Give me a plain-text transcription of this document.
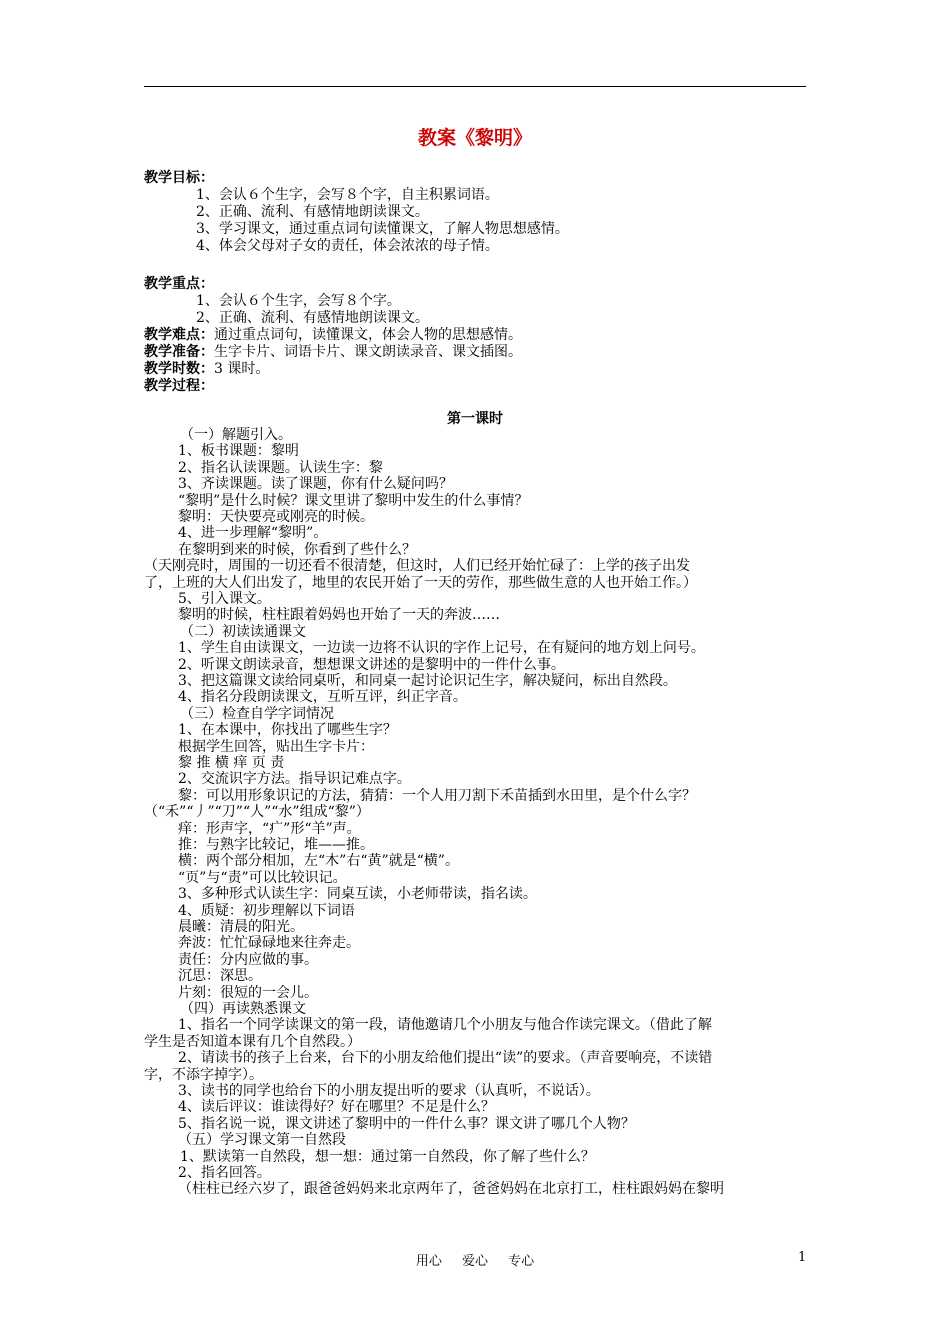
教案《黎明》
教学目标：
1、会认６个生字，会写８个字，自主积累词语。
2、正确、流利、有感情地朗读课文。
3、学习课文，通过重点词句读懂课文，了解人物思想感情。
4、体会父母对子女的责任，体会浓浓的母子情。
教学重点：
1、会认６个生字，会写８个字。
2、正确、流利、有感情地朗读课文。
教学难点：通过重点词句，读懂课文，体会人物的思想感情。
教学准备：生字卡片、词语卡片、课文朗读录音、课文插图。
教学时数：3 课时。
教学过程：
第一课时
（一）解题引入。
1、板书课题：黎明
2、指名认读课题。认读生字：黎
3、齐读课题。读了课题，你有什么疑问吗？
“黎明”是什么时候？课文里讲了黎明中发生的什么事情？
黎明：天快要亮或刚亮的时候。
4、进一步理解“黎明”。
在黎明到来的时候，你看到了些什么？
（天刚亮时，周围的一切还看不很清楚，但这时，人们已经开始忙碌了：上学的孩子出发
了，上班的大人们出发了，地里的农民开始了一天的劳作，那些做生意的人也开始工作。）
5、引入课文。
黎明的时候，柱柱跟着妈妈也开始了一天的奔波……
（二）初读读通课文
1、学生自由读课文，一边读一边将不认识的字作上记号，在有疑问的地方划上问号。
2、听课文朗读录音，想想课文讲述的是黎明中的一件什么事。
3、把这篇课文读给同桌听，和同桌一起讨论识记生字，解决疑问，标出自然段。
4、指名分段朗读课文，互听互评，纠正字音。
（三）检查自学字词情况
1、在本课中，你找出了哪些生字？
根据学生回答，贴出生字卡片：
黎 推 横 痒 页 责
2、交流识字方法。指导识记难点字。
黎：可以用形象识记的方法，猜猜：一个人用刀割下禾苗插到水田里，是个什么字？
（“禾”“丿”“刀”“人”“水”组成“黎”）
痒：形声字，“疒”形“羊”声。
推：与熟字比较记，堆——推。
横：两个部分相加，左“木”右“黄”就是“横”。
“页”与“责”可以比较识记。
3、多种形式认读生字：同桌互读，小老师带读，指名读。
4、质疑：初步理解以下词语
晨曦：清晨的阳光。
奔波：忙忙碌碌地来往奔走。
责任：分内应做的事。
沉思：深思。
片刻：很短的一会儿。
（四）再读熟悉课文
1、指名一个同学读课文的第一段，请他邀请几个小朋友与他合作读完课文。（借此了解
学生是否知道本课有几个自然段。）
2、请读书的孩子上台来，台下的小朋友给他们提出“读”的要求。（声音要响亮，不读错
字，不添字掉字）。
3、读书的同学也给台下的小朋友提出听的要求（认真听，不说话）。
4、读后评议：谁读得好？好在哪里？不足是什么？
5、指名说一说，课文讲述了黎明中的一件什么事？课文讲了哪几个人物？
（五）学习课文第一自然段
1、默读第一自然段，想一想：通过第一自然段，你了解了些什么？
2、指名回答。
（柱柱已经六岁了，跟爸爸妈妈来北京两年了，爸爸妈妈在北京打工，柱柱跟妈妈在黎明
用心 爱心 专心	1
